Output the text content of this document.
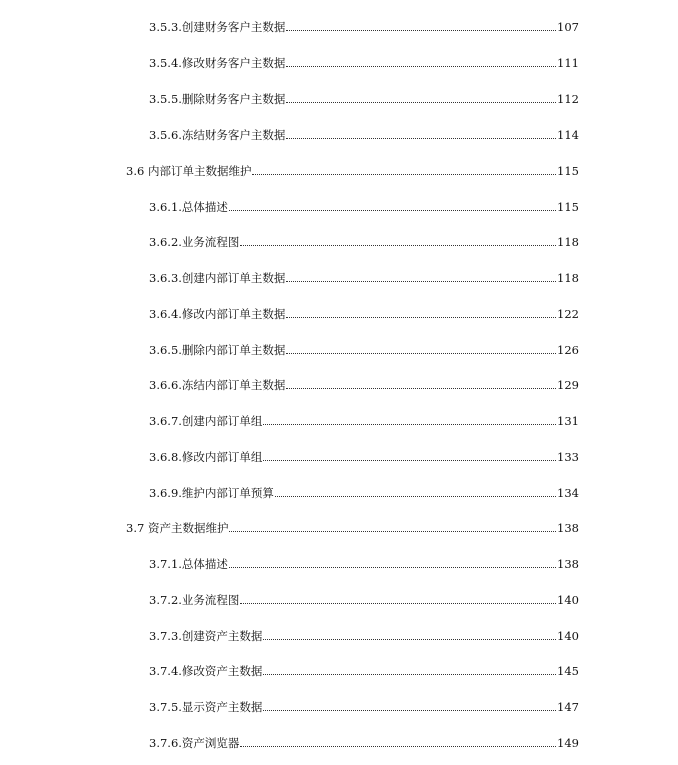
3.5.3.创建财务客户主数据	107
3.5.4.修改财务客户主数据	111
3.5.5.删除财务客户主数据	112
3.5.6.冻结财务客户主数据	114
3.6 内部订单主数据维护	115
3.6.1.总体描述	115
3.6.2.业务流程图	118
3.6.3.创建内部订单主数据	118
3.6.4.修改内部订单主数据	122
3.6.5.删除内部订单主数据	126
3.6.6.冻结内部订单主数据	129
3.6.7.创建内部订单组	131
3.6.8.修改内部订单组	133
3.6.9.维护内部订单预算	134
3.7 资产主数据维护	138
3.7.1.总体描述	138
3.7.2.业务流程图	140
3.7.3.创建资产主数据	140
3.7.4.修改资产主数据	145
3.7.5.显示资产主数据	147
3.7.6.资产浏览器	149
